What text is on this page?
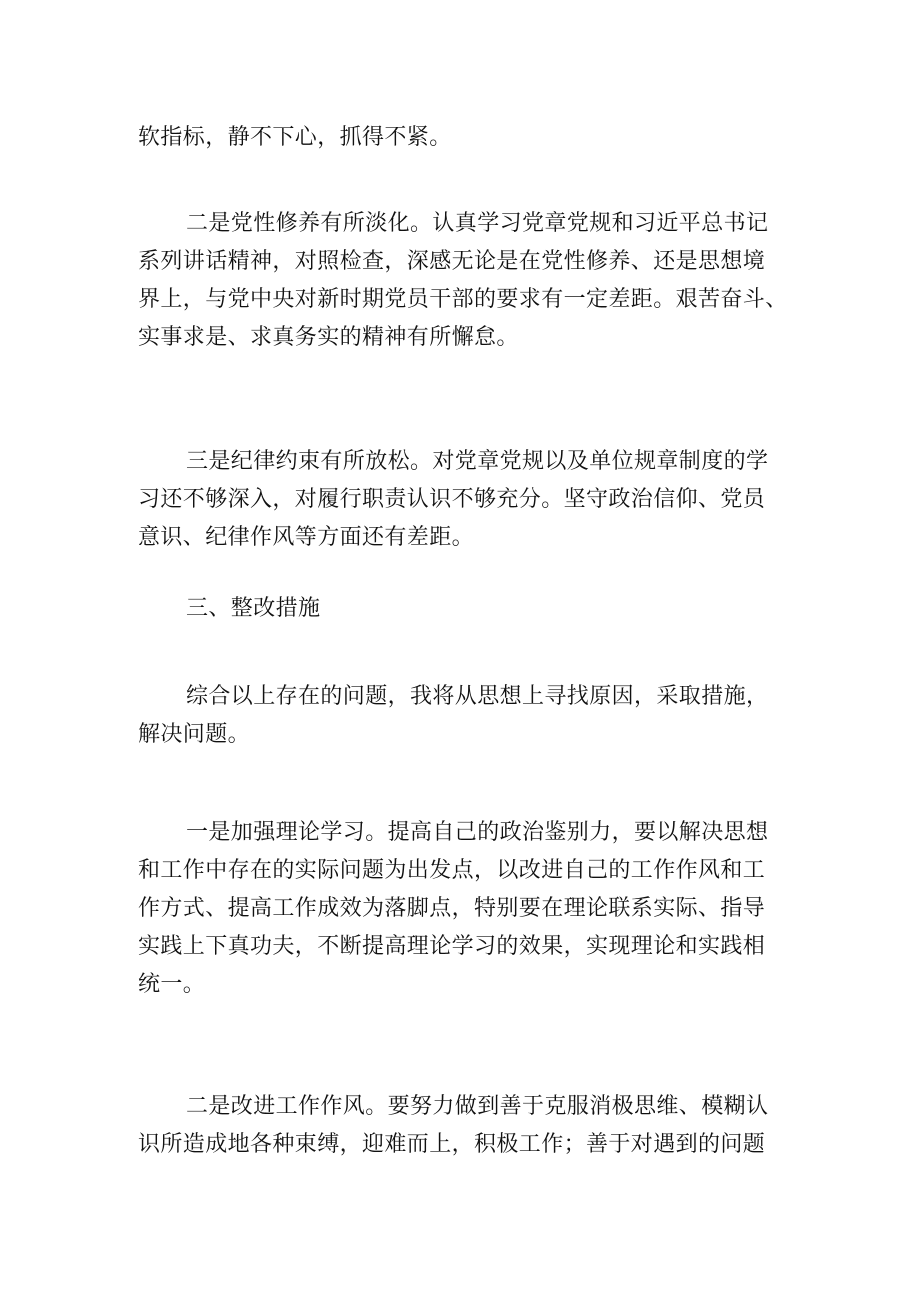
软指标，静不下心，抓得不紧。

二是党性修养有所淡化。认真学习党章党规和习近平总书记
系列讲话精神，对照检查，深感无论是在党性修养、还是思想境
界上，与党中央对新时期党员干部的要求有一定差距。艰苦奋斗、
实事求是、求真务实的精神有所懈怠。

三是纪律约束有所放松。对党章党规以及单位规章制度的学
习还不够深入，对履行职责认识不够充分。坚守政治信仰、党员
意识、纪律作风等方面还有差距。

三、整改措施

综合以上存在的问题，我将从思想上寻找原因，采取措施，
解决问题。

一是加强理论学习。提高自己的政治鉴别力，要以解决思想
和工作中存在的实际问题为出发点，以改进自己的工作作风和工
作方式、提高工作成效为落脚点，特别要在理论联系实际、指导
实践上下真功夫，不断提高理论学习的效果，实现理论和实践相
统一。

二是改进工作作风。要努力做到善于克服消极思维、模糊认
识所造成地各种束缚，迎难而上，积极工作；善于对遇到的问题
